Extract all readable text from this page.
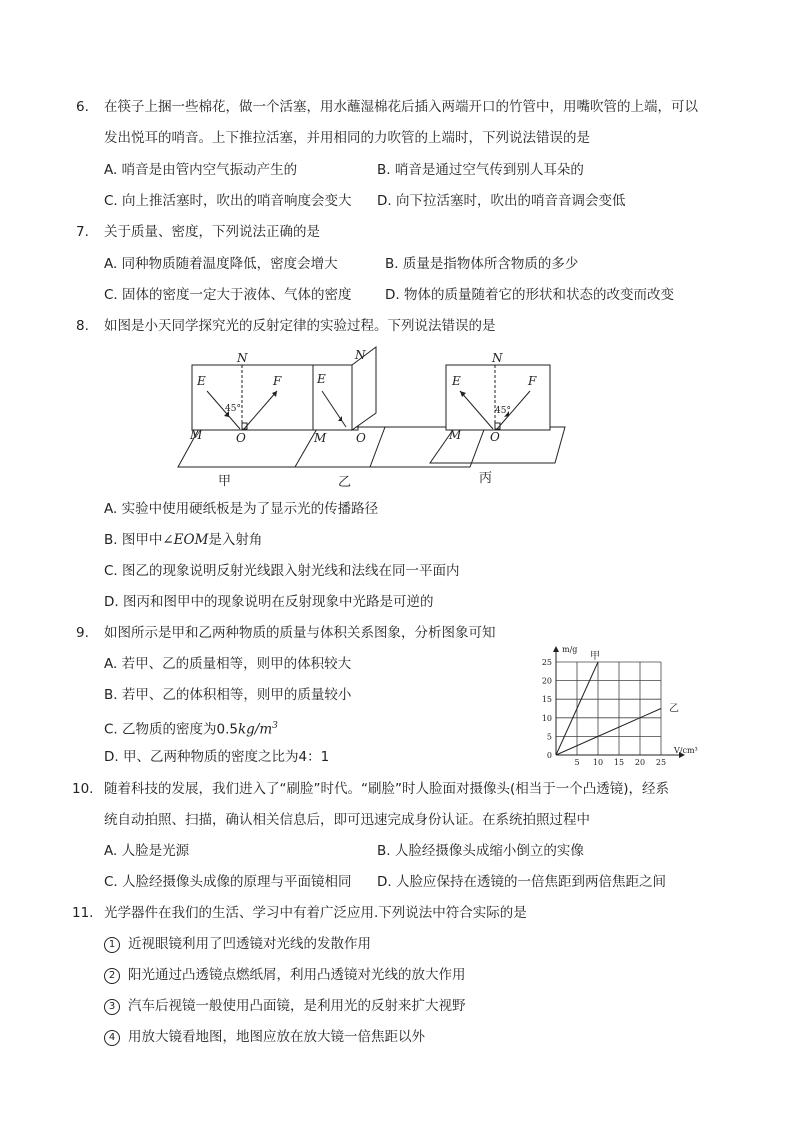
6. 在筷子上捆一些棉花，做一个活塞，用水蘸湿棉花后插入两端开口的竹管中，用嘴吹管的上端，可以
发出悦耳的哨音。上下推拉活塞，并用相同的力吹管的上端时，下列说法错误的是
A. 哨音是由管内空气振动产生的	B. 哨音是通过空气传到别人耳朵的
C. 向上推活塞时，吹出的哨音响度会变大 D. 向下拉活塞时，吹出的哨音音调会变低
7. 关于质量、密度，下列说法正确的是
A. 同种物质随着温度降低，密度会增大	B. 质量是指物体所含物质的多少
C. 固体的密度一定大于液体、气体的密度 D. 物体的质量随着它的形状和状态的改变而改变
8. 如图是小天同学探究光的反射定律的实验过程。下列说法错误的是
N
E	F
M	O
N
E
M O
N
E	F
M O
45°	45°
甲	乙	丙
A. 实验中使用硬纸板是为了显示光的传播路径
B. 图甲中∠EOM是入射角
C. 图乙的现象说明反射光线跟入射光线和法线在同一平面内
D. 图丙和图甲中的现象说明在反射现象中光路是可逆的
9. 如图所示是甲和乙两种物质的质量与体积关系图象，分析图象可知
A. 若甲、乙的质量相等，则甲的体积较大
B. 若甲、乙的体积相等，则甲的质量较小
C. 乙物质的密度为$0.5kg/m^3$
D. 甲、乙两种物质的密度之比为4：1	5 10 15 20 25
5
10
15
20
25
0
V/cm³
m/g
甲
乙
10. 随着科技的发展，我们进入了“刷脸”时代。“刷脸”时人脸面对摄像头(相当于一个凸透镜)，经系
统自动拍照、扫描，确认相关信息后，即可迅速完成身份认证。在系统拍照过程中
A. 人脸是光源	B. 人脸经摄像头成缩小倒立的实像
C. 人脸经摄像头成像的原理与平面镜相同 D. 人脸应保持在透镜的一倍焦距到两倍焦距之间
11. 光学器件在我们的生活、学习中有着广泛应用.下列说法中符合实际的是
1 近视眼镜利用了凹透镜对光线的发散作用
2 阳光通过凸透镜点燃纸屑，利用凸透镜对光线的放大作用
3 汽车后视镜一般使用凸面镜，是利用光的反射来扩大视野
4 用放大镜看地图，地图应放在放大镜一倍焦距以外
